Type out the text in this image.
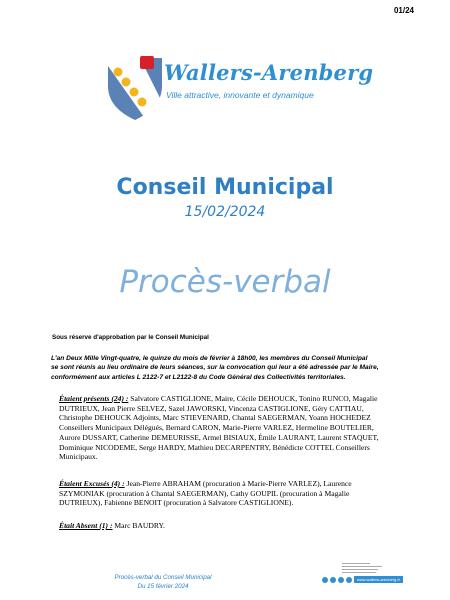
01/24
Wallers-Arenberg
Ville attractive, innovante et dynamique
Conseil Municipal
15/02/2024
Procès-verbal
Sous réserve d'approbation par le Conseil Municipal
L'an Deux Mille Vingt-quatre, le quinze du mois de février à 18h00, les membres du Conseil Municipal
se sont réunis au lieu ordinaire de leurs séances, sur la convocation qui leur a été adressée par le Maire,
conformément aux articles L 2122-7 et L2122-8 du Code Général des Collectivités territoriales.
Étaient présents (24) : Salvatore CASTIGLIONE, Maire, Cécile DEHOUCK, Tonino RUNCO, Magalie
DUTRIEUX, Jean Pierre SELVEZ, Sazel JAWORSKI, Vincenza CASTIGLIONE, Géry CATTIAU,
Christophe DEHOUCK Adjoints, Marc STIEVENARD, Chantal SAEGERMAN, Yoann HOCHEDEZ
Conseillers Municipaux Délégués, Bernard CARON, Marie-Pierre VARLEZ, Hermeline BOUTELIER,
Aurore DUSSART, Catherine DEMEURISSE, Armel BISIAUX, Émile LAURANT, Laurent STAQUET,
Dominique NICODEME, Serge HARDY, Mathieu DECARPENTRY, Bénédicte COTTEL Conseillers
Municipaux.
Étaient Excusés (4) : Jean-Pierre ABRAHAM (procuration à Marie-Pierre VARLEZ), Laurence
SZYMONIAK (procuration à Chantal SAEGERMAN), Cathy GOUPIL (procuration à Magalie
DUTRIEUX), Fabienne BENOIT (procuration à Salvatore CASTIGLIONE).
Était Absent (1) : Marc BAUDRY.
Procès-verbal du Conseil Municipal
Du 15 février 2024
www.wallers-arenberg.fr
